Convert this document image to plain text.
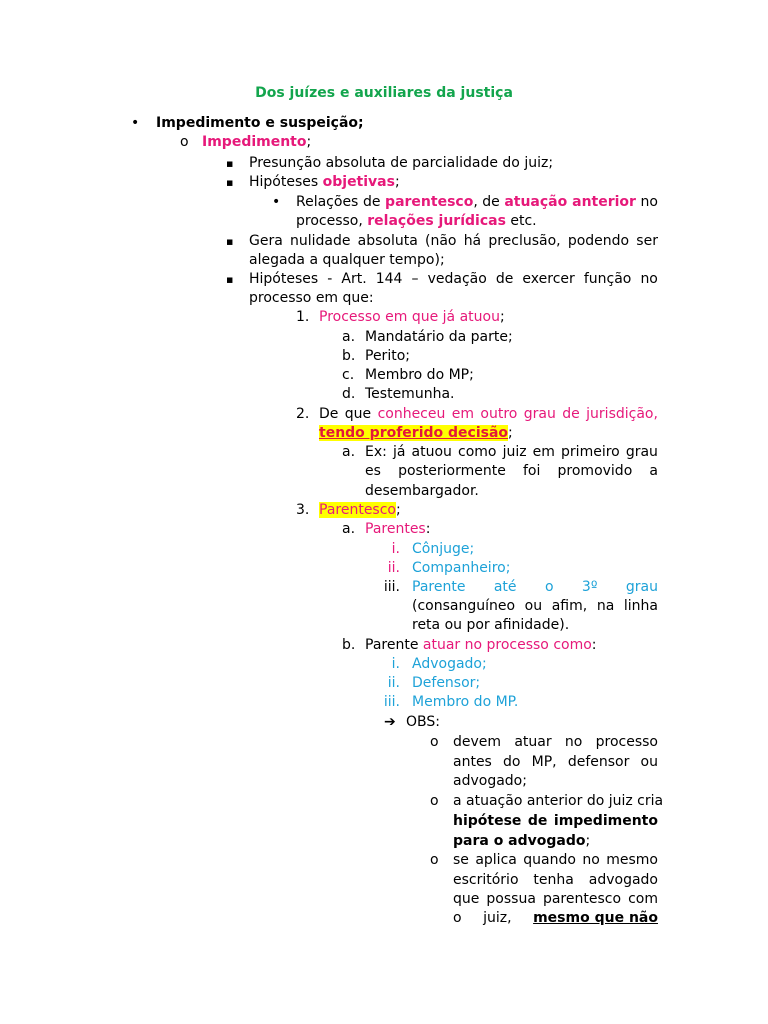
Dos juízes e auxiliares da justiça
• Impedimento e suspeição;
o Impedimento;
▪ Presunção absoluta de parcialidade do juiz;
▪ Hipóteses objetivas;
• Relações de parentesco, de atuação anterior no
processo, relações jurídicas etc.
▪ Gera nulidade absoluta (não há preclusão, podendo ser
alegada a qualquer tempo);
▪ Hipóteses - Art. 144 – vedação de exercer função no
processo em que:
1. Processo em que já atuou;
a. Mandatário da parte;
b. Perito;
c. Membro do MP;
d. Testemunha.
2. De que conheceu em outro grau de jurisdição,
tendo proferido decisão;
a. Ex: já atuou como juiz em primeiro grau
es posteriormente foi promovido a
desembargador.
3. Parentesco;
a. Parentes:
i. Cônjuge;
ii. Companheiro;
iii. Parente até o 3º grau
(consanguíneo ou afim, na linha
reta ou por afinidade).
b. Parente atuar no processo como:
i. Advogado;
ii. Defensor;
iii. Membro do MP.
➔ OBS:
o devem atuar no processo
antes do MP, defensor ou
advogado;
o a atuação anterior do juiz cria
hipótese de impedimento
para o advogado;
o se aplica quando no mesmo
escritório tenha advogado
que possua parentesco com
o juiz, mesmo que não
